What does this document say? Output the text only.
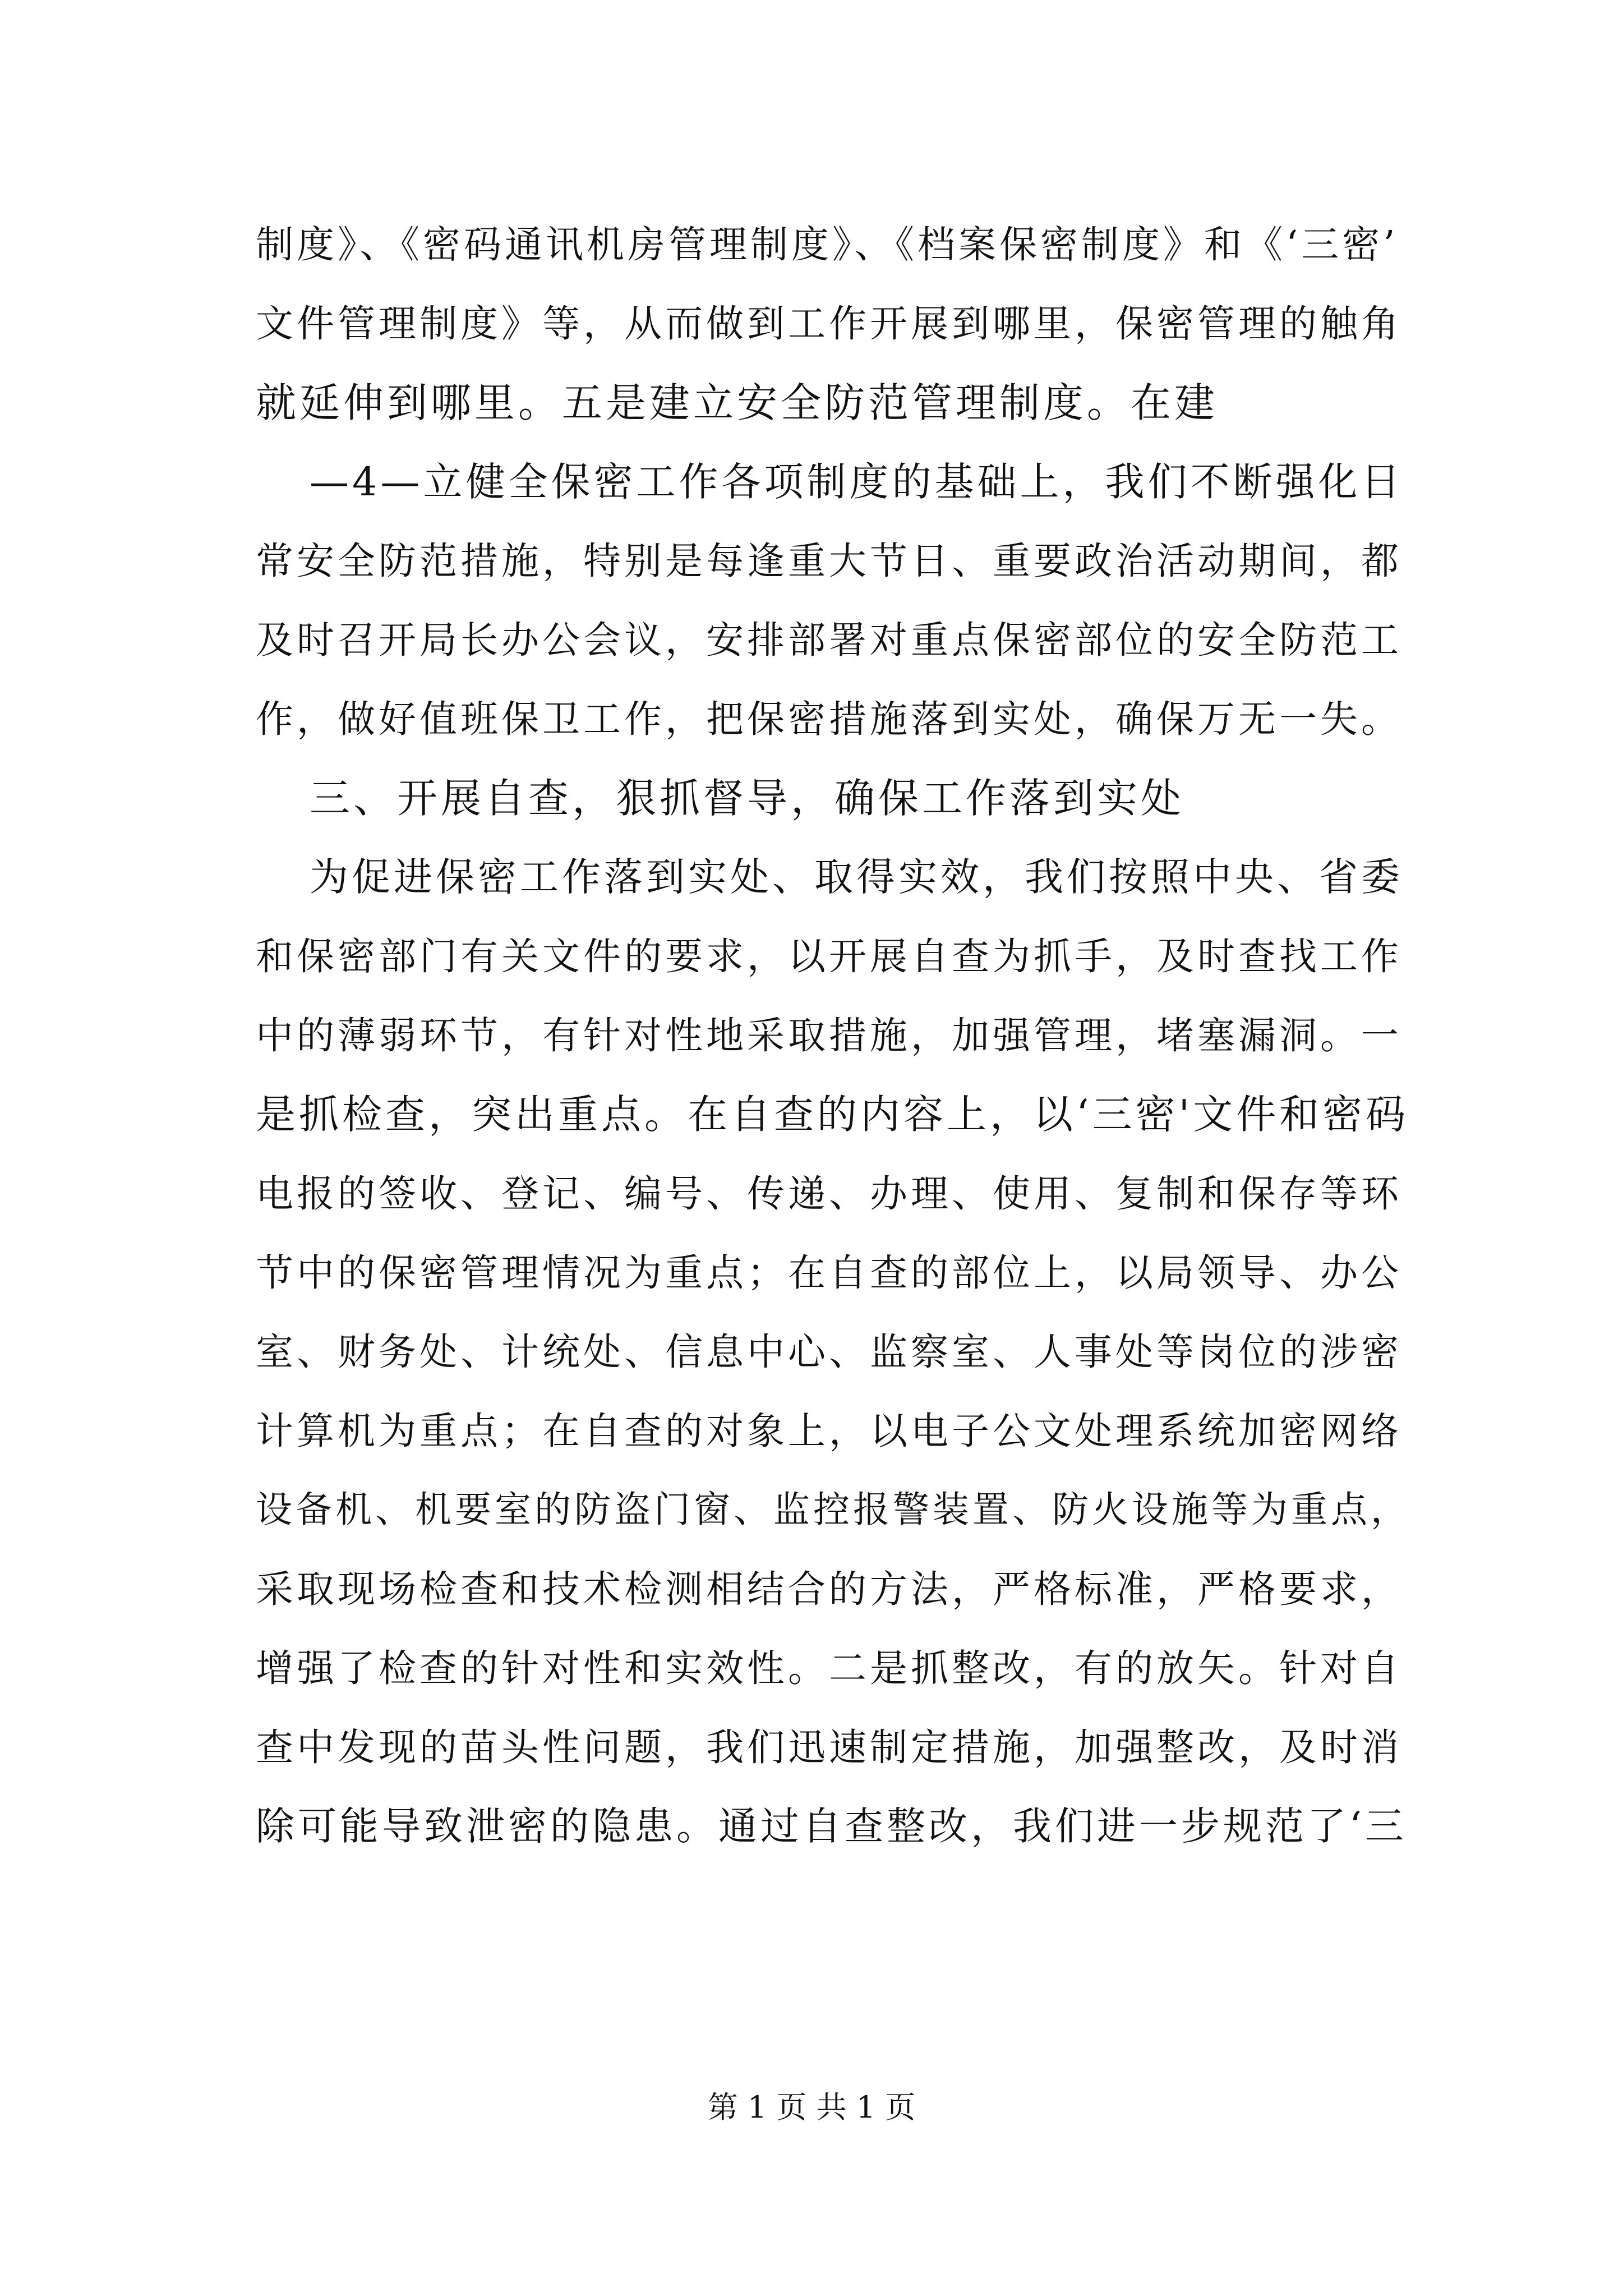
制度》、《密码通讯机房管理制度》、《档案保密制度》和《‘三密’
文件管理制度》等，从而做到工作开展到哪里，保密管理的触角
就延伸到哪里。五是建立安全防范管理制度。在建
—4—立健全保密工作各项制度的基础上，我们不断强化日
常安全防范措施，特别是每逢重大节日、重要政治活动期间，都
及时召开局长办公会议，安排部署对重点保密部位的安全防范工
作，做好值班保卫工作，把保密措施落到实处，确保万无一失。
三、开展自查，狠抓督导，确保工作落到实处
为促进保密工作落到实处、取得实效，我们按照中央、省委
和保密部门有关文件的要求，以开展自查为抓手，及时查找工作
中的薄弱环节，有针对性地采取措施，加强管理，堵塞漏洞。一
是抓检查，突出重点。在自查的内容上，以‘三密'文件和密码
电报的签收、登记、编号、传递、办理、使用、复制和保存等环
节中的保密管理情况为重点；在自查的部位上，以局领导、办公
室、财务处、计统处、信息中心、监察室、人事处等岗位的涉密
计算机为重点；在自查的对象上，以电子公文处理系统加密网络
设备机、机要室的防盗门窗、监控报警装置、防火设施等为重点，
采取现场检查和技术检测相结合的方法，严格标准，严格要求，
增强了检查的针对性和实效性。二是抓整改，有的放矢。针对自
查中发现的苗头性问题，我们迅速制定措施，加强整改，及时消
除可能导致泄密的隐患。通过自查整改，我们进一步规范了‘三
第 1 页 共 1 页
